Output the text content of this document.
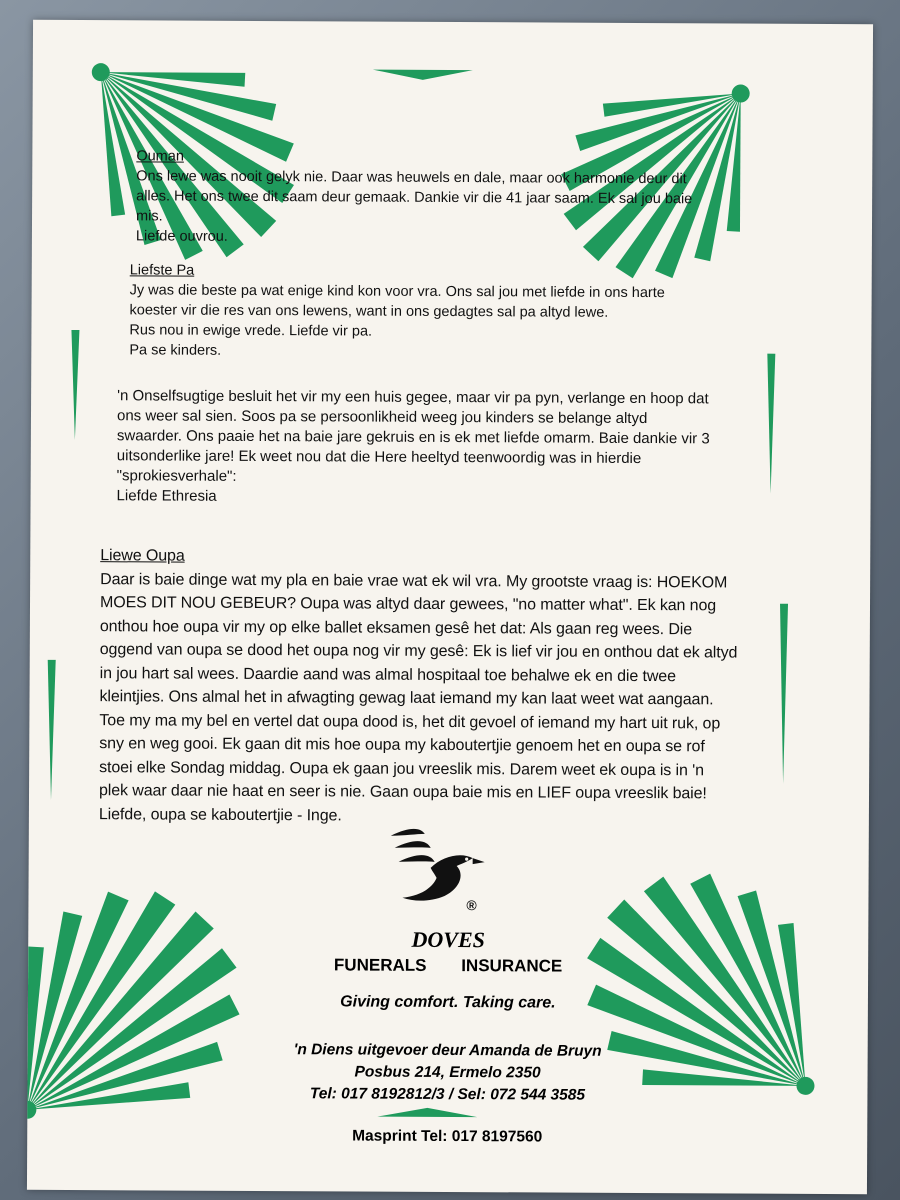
Ouman
Ons lewe was nooit gelyk nie. Daar was heuwels en dale, maar ook harmonie deur dit
alles. Het ons twee dit saam deur gemaak. Dankie vir die 41 jaar saam. Ek sal jou baie
mis.
Liefde ouvrou.
Liefste Pa
Jy was die beste pa wat enige kind kon voor vra. Ons sal jou met liefde in ons harte
koester vir die res van ons lewens, want in ons gedagtes sal pa altyd lewe.
Rus nou in ewige vrede. Liefde vir pa.
Pa se kinders.
'n Onselfsugtige besluit het vir my een huis gegee, maar vir pa pyn, verlange en hoop dat
ons weer sal sien. Soos pa se persoonlikheid weeg jou kinders se belange altyd
swaarder. Ons paaie het na baie jare gekruis en is ek met liefde omarm. Baie dankie vir 3
uitsonderlike jare! Ek weet nou dat die Here heeltyd teenwoordig was in hierdie
"sprokiesverhale":
Liefde Ethresia
Liewe Oupa
Daar is baie dinge wat my pla en baie vrae wat ek wil vra. My grootste vraag is: HOEKOM
MOES DIT NOU GEBEUR? Oupa was altyd daar gewees, "no matter what". Ek kan nog
onthou hoe oupa vir my op elke ballet eksamen gesê het dat: Als gaan reg wees. Die
oggend van oupa se dood het oupa nog vir my gesê: Ek is lief vir jou en onthou dat ek altyd
in jou hart sal wees. Daardie aand was almal hospitaal toe behalwe ek en die twee
kleintjies. Ons almal het in afwagting gewag laat iemand my kan laat weet wat aangaan.
Toe my ma my bel en vertel dat oupa dood is, het dit gevoel of iemand my hart uit ruk, op
sny en weg gooi. Ek gaan dit mis hoe oupa my kaboutertjie genoem het en oupa se rof
stoei elke Sondag middag. Oupa ek gaan jou vreeslik mis. Darem weet ek oupa is in 'n
plek waar daar nie haat en seer is nie. Gaan oupa baie mis en LIEF oupa vreeslik baie!
Liefde, oupa se kaboutertjie - Inge.
®
DOVES
FUNERALS INSURANCE
Giving comfort. Taking care.
'n Diens uitgevoer deur Amanda de Bruyn
Posbus 214, Ermelo 2350
Tel: 017 8192812/3 / Sel: 072 544 3585
Masprint Tel: 017 8197560
